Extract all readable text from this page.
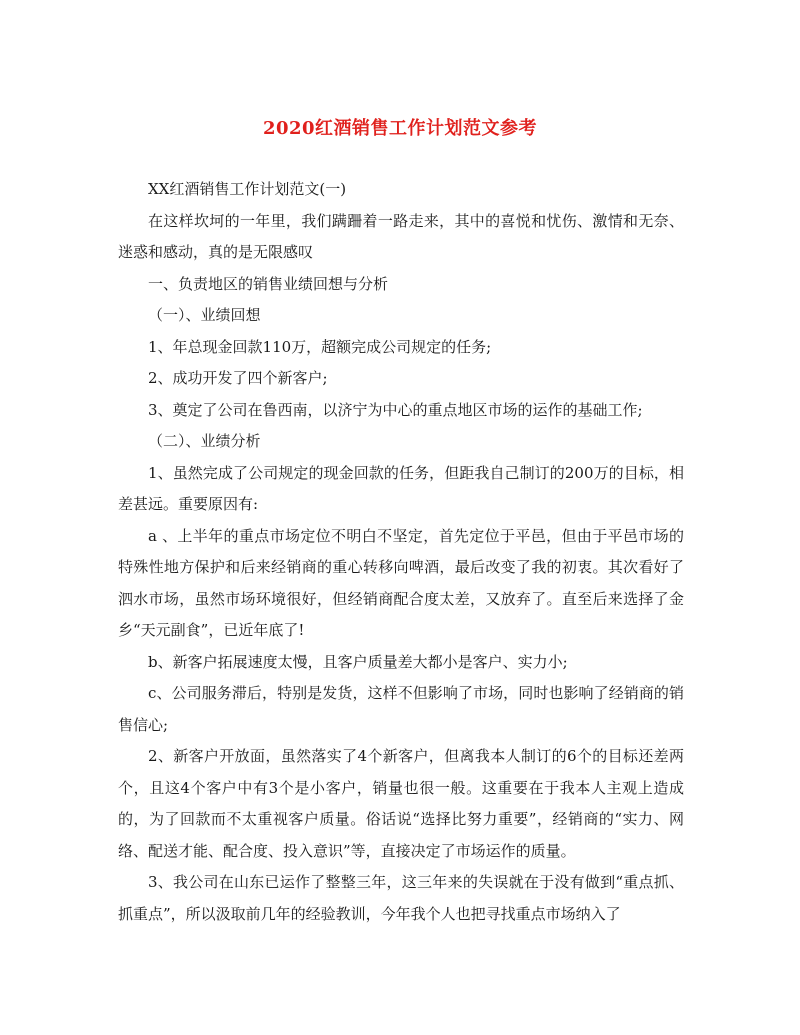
2020红酒销售工作计划范文参考

XX红酒销售工作计划范文(一)

在这样坎坷的一年里，我们蹒跚着一路走来，其中的喜悦和忧伤、激情和无奈、迷惑和感动，真的是无限感叹

一、负责地区的销售业绩回想与分析

（一）、业绩回想

1、年总现金回款110万，超额完成公司规定的任务;

2、成功开发了四个新客户;

3、奠定了公司在鲁西南，以济宁为中心的重点地区市场的运作的基础工作;

（二）、业绩分析

1、虽然完成了公司规定的现金回款的任务，但距我自己制订的200万的目标，相差甚远。重要原因有:

a 、上半年的重点市场定位不明白不坚定，首先定位于平邑，但由于平邑市场的特殊性地方保护和后来经销商的重心转移向啤酒，最后改变了我的初衷。其次看好了泗水市场，虽然市场环境很好，但经销商配合度太差，又放弃了。直至后来选择了金乡“天元副食”，已近年底了!

b、新客户拓展速度太慢，且客户质量差大都小是客户、实力小;

c、公司服务滞后，特别是发货，这样不但影响了市场，同时也影响了经销商的销售信心;

2、新客户开放面，虽然落实了4个新客户，但离我本人制订的6个的目标还差两个，且这4个客户中有3个是小客户，销量也很一般。这重要在于我本人主观上造成的，为了回款而不太重视客户质量。俗话说“选择比努力重要”，经销商的“实力、网络、配送才能、配合度、投入意识”等，直接决定了市场运作的质量。

3、我公司在山东已运作了整整三年，这三年来的失误就在于没有做到“重点抓、抓重点”，所以汲取前几年的经验教训，今年我个人也把寻找重点市场纳入了
